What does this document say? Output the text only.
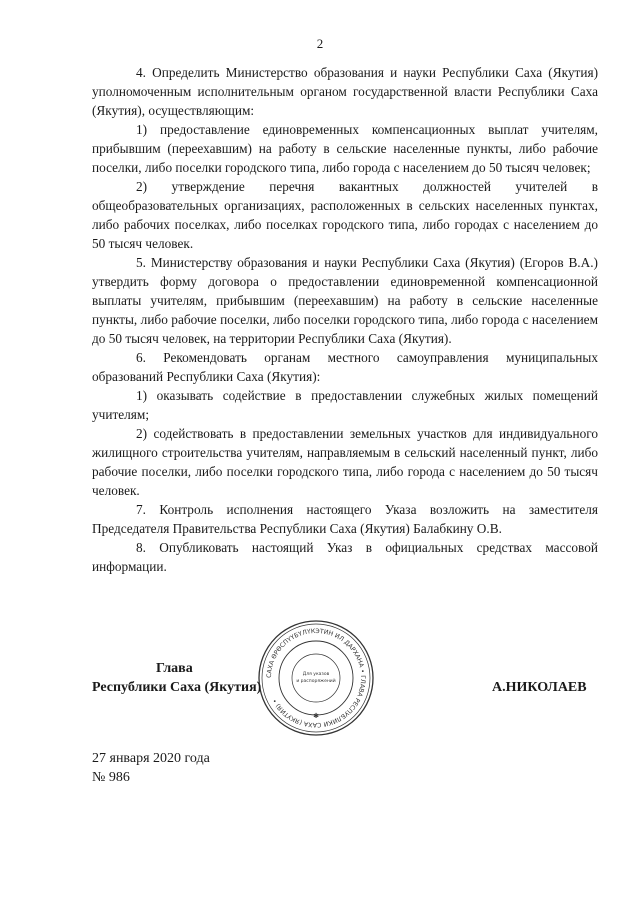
2

4. Определить Министерство образования и науки Республики Саха (Якутия) уполномоченным исполнительным органом государственной власти Республики Саха (Якутия), осуществляющим:

1) предоставление единовременных компенсационных выплат учителям, прибывшим (переехавшим) на работу в сельские населенные пункты, либо рабочие поселки, либо поселки городского типа, либо города с населением до 50 тысяч человек;

2) утверждение перечня вакантных должностей учителей в общеобразовательных организациях, расположенных в сельских населенных пунктах, либо рабочих поселках, либо поселках городского типа, либо городах с населением до 50 тысяч человек.

5. Министерству образования и науки Республики Саха (Якутия) (Егоров В.А.) утвердить форму договора о предоставлении единовременной компенсационной выплаты учителям, прибывшим (переехавшим) на работу в сельские населенные пункты, либо рабочие поселки, либо поселки городского типа, либо города с населением до 50 тысяч человек, на территории Республики Саха (Якутия).

6. Рекомендовать органам местного самоуправления муниципальных образований Республики Саха (Якутия):

1) оказывать содействие в предоставлении служебных жилых помещений учителям;

2) содействовать в предоставлении земельных участков для индивидуального жилищного строительства учителям, направляемым в сельский населенный пункт, либо рабочие поселки, либо поселки городского типа, либо города с населением до 50 тысяч человек.

7. Контроль исполнения настоящего Указа возложить на заместителя Председателя Правительства Республики Саха (Якутия) Балабкину О.В.

8. Опубликовать настоящий Указ в официальных средствах массовой информации.

САХА ӨРӨСПҮҮБҮЛҮКЭТИН ИЛ ДАРХАНА • ГЛАВА РЕСПУБЛИКИ САХА (ЯКУТИЯ) •
Для указов
и распоряжений
✱
Глава
Республики Саха (Якутия)	А.НИКОЛАЕВ
27 января 2020 года
№ 986
